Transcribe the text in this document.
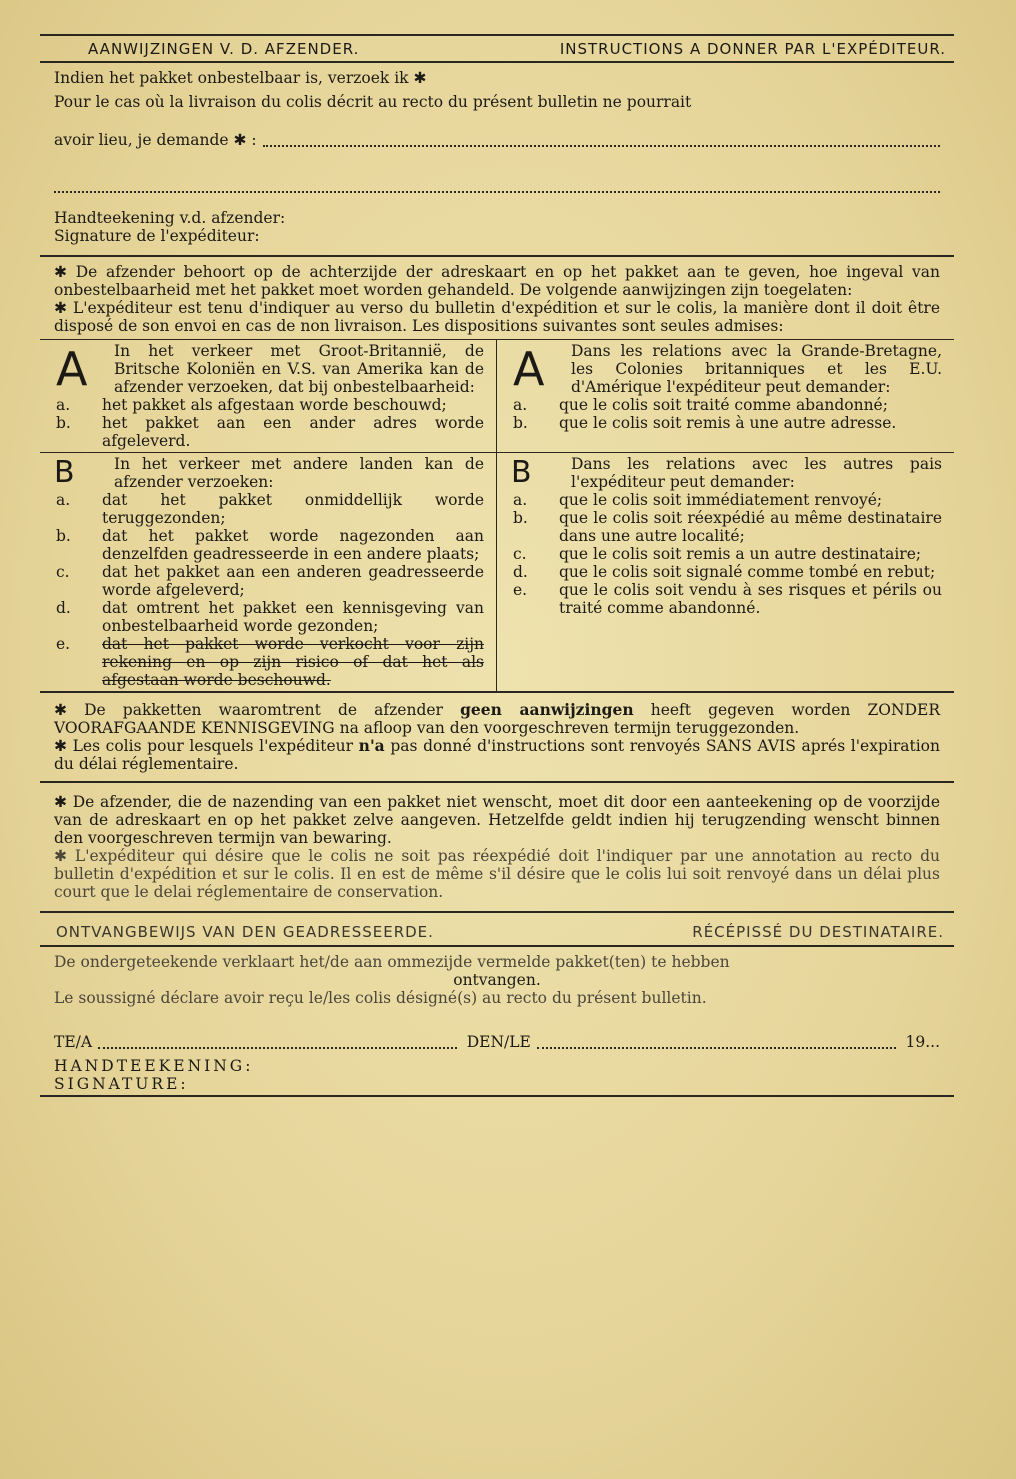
AANWIJZINGEN V. D. AFZENDER.	INSTRUCTIONS A DONNER PAR L'EXPÉDITEUR.
Indien het pakket onbestelbaar is, verzoek ik ✱
Pour le cas où la livraison du colis décrit au recto du présent bulletin ne pourrait
avoir lieu, je demande ✱ :
Handteekening v.d. afzender:
Signature de l'expéditeur:
✱ De afzender behoort op de achterzijde der adreskaart en op het pakket aan te geven, hoe ingeval van onbestelbaarheid met het pakket moet worden gehandeld. De volgende aanwijzingen zijn toegelaten:
✱ L'expéditeur est tenu d'indiquer au verso du bulletin d'expédition et sur le colis, la manière dont il doit être disposé de son envoi en cas de non livraison. Les dispositions suivantes sont seules admises:
A In het verkeer met Groot-Britannië, de Britsche Koloniën en V.S. van Amerika kan de afzender verzoeken, dat bij onbestelbaarheid:
a.	het pakket als afgestaan worde beschouwd;
b.	het pakket aan een ander adres worde afgeleverd.
A Dans les relations avec la Grande-Bretagne, les Colonies britanniques et les E.U. d'Amérique l'expéditeur peut demander:
a.	que le colis soit traité comme abandonné;
b.	que le colis soit remis à une autre adresse.
B	In het verkeer met andere landen kan de afzender verzoeken:
a.	dat het pakket onmiddellijk worde teruggezonden;
b.	dat het pakket worde nagezonden aan denzelfden geadresseerde in een andere plaats;
c.	dat het pakket aan een anderen geadresseerde worde afgeleverd;
d.	dat omtrent het pakket een kennisgeving van onbestelbaarheid worde gezonden;
e.	dat het pakket worde verkocht voor zijn rekening en op zijn risico of dat het als afgestaan worde beschouwd.
B	Dans les relations avec les autres pais l'expéditeur peut demander:
a.	que le colis soit immédiatement renvoyé;
b.	que le colis soit réexpédié au même destinataire dans une autre localité;
c.	que le colis soit remis a un autre destinataire;
d.	que le colis soit signalé comme tombé en rebut;
e.	que le colis soit vendu à ses risques et périls ou traité comme abandonné.
✱ De pakketten waaromtrent de afzender geen aanwijzingen heeft gegeven worden ZONDER VOORAFGAANDE KENNISGEVING na afloop van den voorgeschreven termijn teruggezonden.
✱ Les colis pour lesquels l'expéditeur n'a pas donné d'instructions sont renvoyés SANS AVIS aprés l'expiration du délai réglementaire.
✱ De afzender, die de nazending van een pakket niet wenscht, moet dit door een aanteekening op de voorzijde van de adreskaart en op het pakket zelve aangeven. Hetzelfde geldt indien hij terugzending wenscht binnen den voorgeschreven termijn van bewaring.
✱ L'expéditeur qui désire que le colis ne soit pas réexpédié doit l'indiquer par une annotation au recto du bulletin d'expédition et sur le colis. Il en est de même s'il désire que le colis lui soit renvoyé dans un délai plus court que le delai réglementaire de conservation.
ONTVANGBEWIJS VAN DEN GEADRESSEERDE.	RÉCÉPISSÉ DU DESTINATAIRE.
De ondergeteekende verklaart het/de aan ommezijde vermelde pakket(ten) te hebben
ontvangen.
Le soussigné déclare avoir reçu le/les colis désigné(s) au recto du présent bulletin.
TE/A	DEN/LE	19...
HANDTEEKENING:
SIGNATURE:
